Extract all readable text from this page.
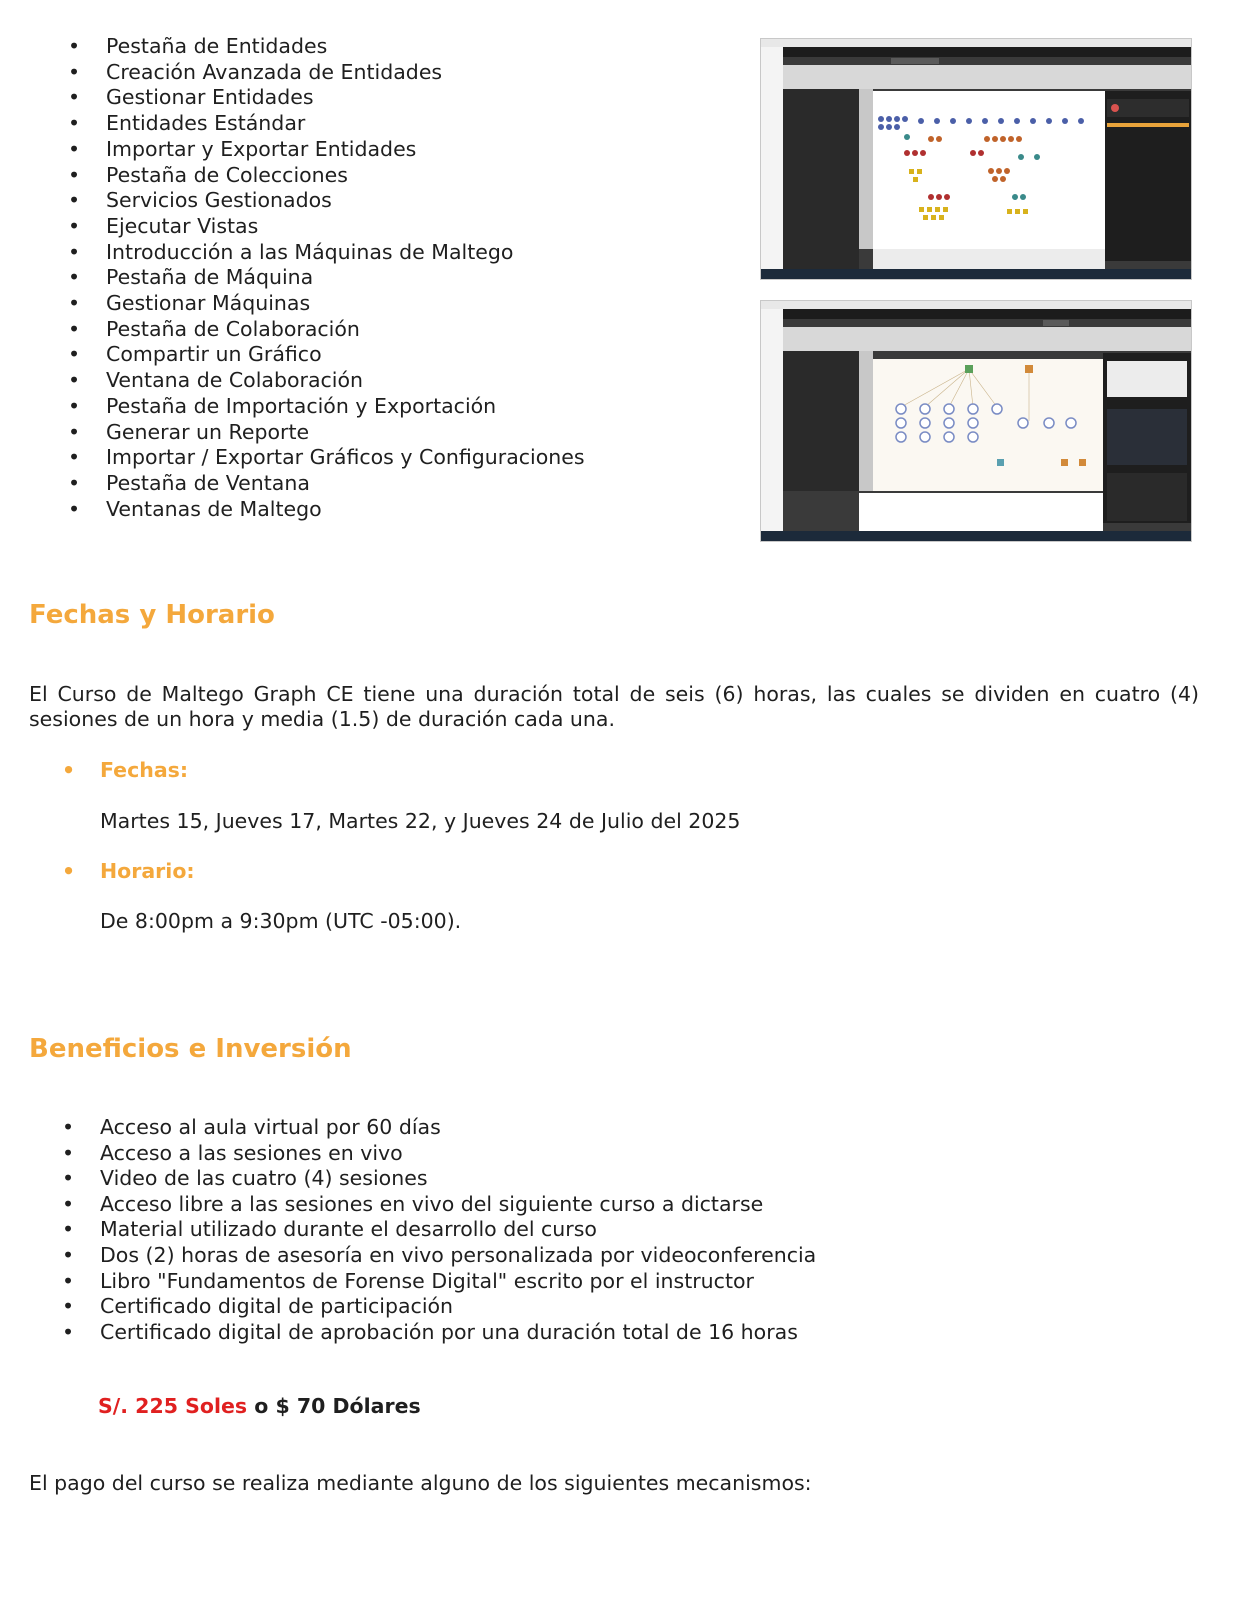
• Pestaña de Entidades
• Creación Avanzada de Entidades
• Gestionar Entidades
• Entidades Estándar
• Importar y Exportar Entidades
• Pestaña de Colecciones
• Servicios Gestionados
• Ejecutar Vistas
• Introducción a las Máquinas de Maltego
• Pestaña de Máquina
• Gestionar Máquinas
• Pestaña de Colaboración
• Compartir un Gráfico
• Ventana de Colaboración
• Pestaña de Importación y Exportación
• Generar un Reporte
• Importar / Exportar Gráficos y Configuraciones
• Pestaña de Ventana
• Ventanas de Maltego
Fechas y Horario

El Curso de Maltego Graph CE tiene una duración total de seis (6) horas, las cuales se dividen en cuatro (4) sesiones de un hora y media (1.5) de duración cada una.

• Fechas:
Martes 15, Jueves 17, Martes 22, y Jueves 24 de Julio del 2025
• Horario:
De 8:00pm a 9:30pm (UTC -05:00).
Beneficios e Inversión
• Acceso al aula virtual por 60 días
• Acceso a las sesiones en vivo
• Video de las cuatro (4) sesiones
• Acceso libre a las sesiones en vivo del siguiente curso a dictarse
• Material utilizado durante el desarrollo del curso
• Dos (2) horas de asesoría en vivo personalizada por videoconferencia
• Libro "Fundamentos de Forense Digital" escrito por el instructor
• Certificado digital de participación
• Certificado digital de aprobación por una duración total de 16 horas
S/. 225 Soles o $ 70 Dólares

El pago del curso se realiza mediante alguno de los siguientes mecanismos:
